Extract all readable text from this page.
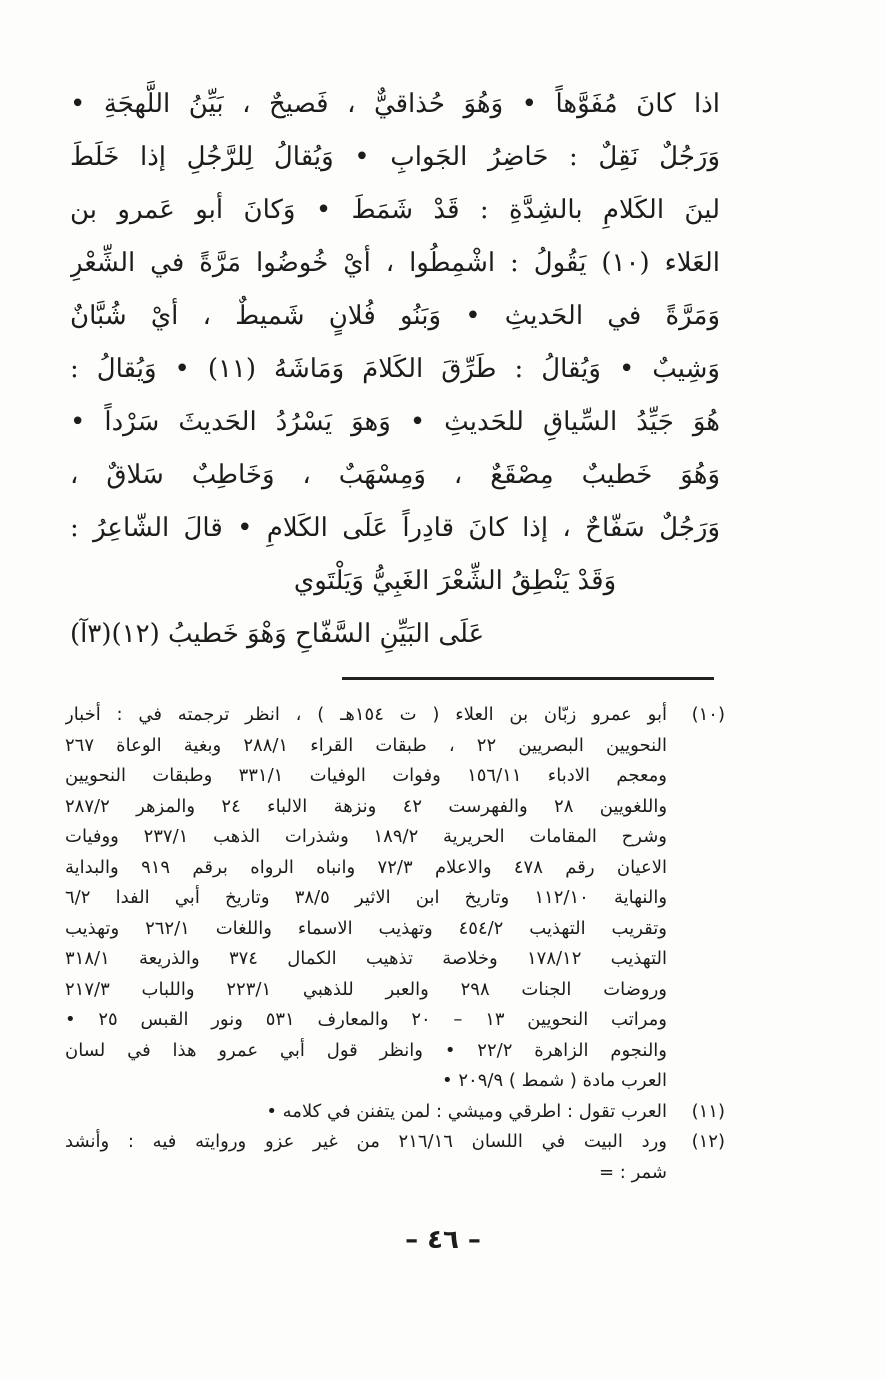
اذا كانَ مُفَوَّهاً • وَهُوَ حُذاقيٌّ ، فَصيحٌ ، بَيِّنُ اللَّهجَةِ •
وَرَجُلٌ نَقِلٌ : حَاضِرُ الجَوابِ • وَيُقالُ لِلرَّجُلِ إذا خَلَطَ
لينَ الكَلامِ بالشِدَّةِ : قَدْ شَمَطَ • وَكانَ أبو عَمرو بن
العَلاء (١٠) يَقُولُ : اشْمِطُوا ، أيْ خُوضُوا مَرَّةً في الشِّعْرِ
وَمَرَّةً في الحَديثِ • وَبَنُو فُلانٍ شَميطٌ ، أيْ شُبَّانٌ
وَشِيبٌ • وَيُقالُ : طَرِّقَ الكَلامَ وَمَاشَهُ (١١) • وَيُقالُ :
هُوَ جَيِّدُ السِّياقِ للحَديثِ • وَهوَ يَسْرُدُ الحَديثَ سَرْداً •
وَهُوَ خَطيبٌ مِصْقَعٌ ، وَمِسْهَبٌ ، وَخَاطِبٌ سَلاقٌ ،
وَرَجُلٌ سَفّاحٌ ، إذا كانَ قادِراً عَلَى الكَلامِ • قالَ الشّاعِرُ :
وَقَدْ يَنْطِقُ الشِّعْرَ الغَبِيُّ وَيَلْتَوي
عَلَى البَيِّنِ السَّفّاحِ وَهْوَ خَطيبُ (١٢)(٣آ)
(١٠)أبو عمرو زبّان بن العلاء ( ت ١٥٤هـ ) ، انظر ترجمته في : أخبار
النحويين البصريين ٢٢ ، طبقات القراء ٢٨٨/١ وبغية الوعاة ٢٦٧
ومعجم الادباء ١٥٦/١١ وفوات الوفيات ٣٣١/١ وطبقات النحويين
واللغويين ٢٨ والفهرست ٤٢ ونزهة الالباء ٢٤ والمزهر ٢٨٧/٢
وشرح المقامات الحريرية ١٨٩/٢ وشذرات الذهب ٢٣٧/١ ووفيات
الاعيان رقم ٤٧٨ والاعلام ٧٢/٣ وانباه الرواه برقم ٩١٩ والبداية
والنهاية ١١٢/١٠ وتاريخ ابن الاثير ٣٨/٥ وتاريخ أبي الفدا ٦/٢
وتقريب التهذيب ٤٥٤/٢ وتهذيب الاسماء واللغات ٢٦٢/١ وتهذيب
التهذيب ١٧٨/١٢ وخلاصة تذهيب الكمال ٣٧٤ والذريعة ٣١٨/١
وروضات الجنات ٢٩٨ والعبر للذهبي ٢٢٣/١ واللباب ٢١٧/٣
ومراتب النحويين ١٣ – ٢٠ والمعارف ٥٣١ ونور القبس ٢٥ •
والنجوم الزاهرة ٢٢/٢ • وانظر قول أبي عمرو هذا في لسان
العرب مادة ( شمط ) ٢٠٩/٩ •
(١١)العرب تقول : اطرقي وميشي : لمن يتفنن في كلامه •
(١٢)ورد البيت في اللسان ٢١٦/١٦ من غير عزو وروايته فيه : وأنشد
شمر : =
– ٤٦ –
